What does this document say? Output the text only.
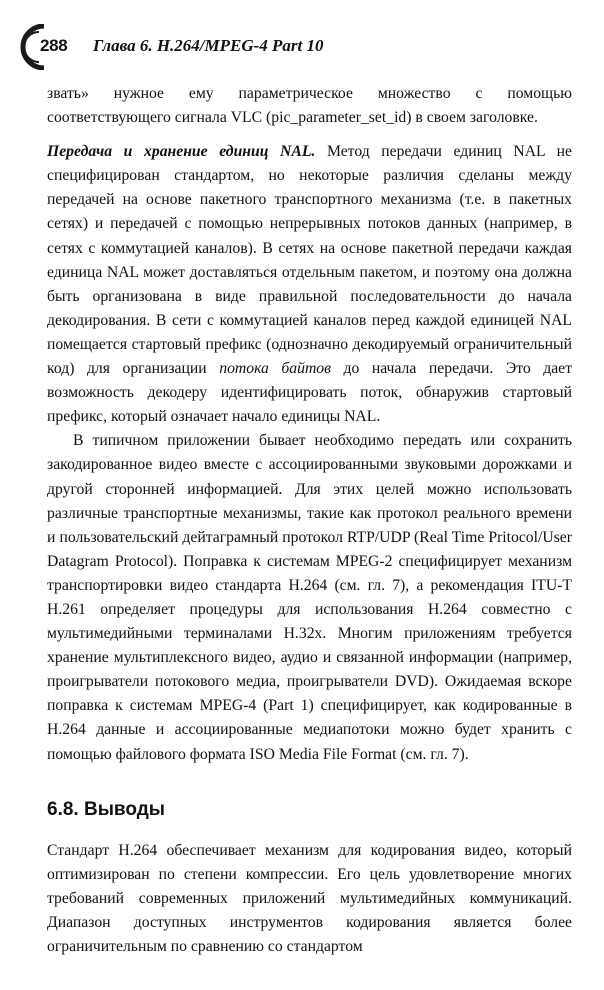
288 Глава 6. H.264/MPEG-4 Part 10

звать» нужное ему параметрическое множество с помощью соответствующего сигнала VLC (pic_parameter_set_id) в своем заголовке.

Передача и хранение единиц NAL. Метод передачи единиц NAL не специфицирован стандартом, но некоторые различия сделаны между передачей на основе пакетного транспортного механизма (т.е. в пакетных сетях) и передачей с помощью непрерывных потоков данных (например, в сетях с коммутацией каналов). В сетях на основе пакетной передачи каждая единица NAL может доставляться отдельным пакетом, и поэтому она должна быть организована в виде правильной последовательности до начала декодирования. В сети с коммутацией каналов перед каждой единицей NAL помещается стартовый префикс (однозначно декодируемый ограничительный код) для организации потока байтов до начала передачи. Это дает возможность декодеру идентифицировать поток, обнаружив стартовый префикс, который означает начало единицы NAL.

В типичном приложении бывает необходимо передать или сохранить закодированное видео вместе с ассоциированными звуковыми дорожками и другой сторонней информацией. Для этих целей можно использовать различные транспортные механизмы, такие как протокол реального времени и пользовательский дейтаграмный протокол RTP/UDP (Real Time Pritocol/User Datagram Protocol). Поправка к системам MPEG-2 специфицирует механизм транспортировки видео стандарта H.264 (см. гл. 7), а рекомендация ITU-T H.261 определяет процедуры для использования H.264 совместно с мультимедийными терминалами H.32x. Многим приложениям требуется хранение мультиплексного видео, аудио и связанной информации (например, проигрыватели потокового медиа, проигрыватели DVD). Ожидаемая вскоре поправка к системам MPEG-4 (Part 1) специфицирует, как кодированные в H.264 данные и ассоциированные медиапотоки можно будет хранить с помощью файлового формата ISO Media File Format (см. гл. 7).

6.8. Выводы

Стандарт H.264 обеспечивает механизм для кодирования видео, который оптимизирован по степени компрессии. Его цель удовлетворение многих требований современных приложений мультимедийных коммуникаций. Диапазон доступных инструментов кодирования является более ограничительным по сравнению со стандартом
